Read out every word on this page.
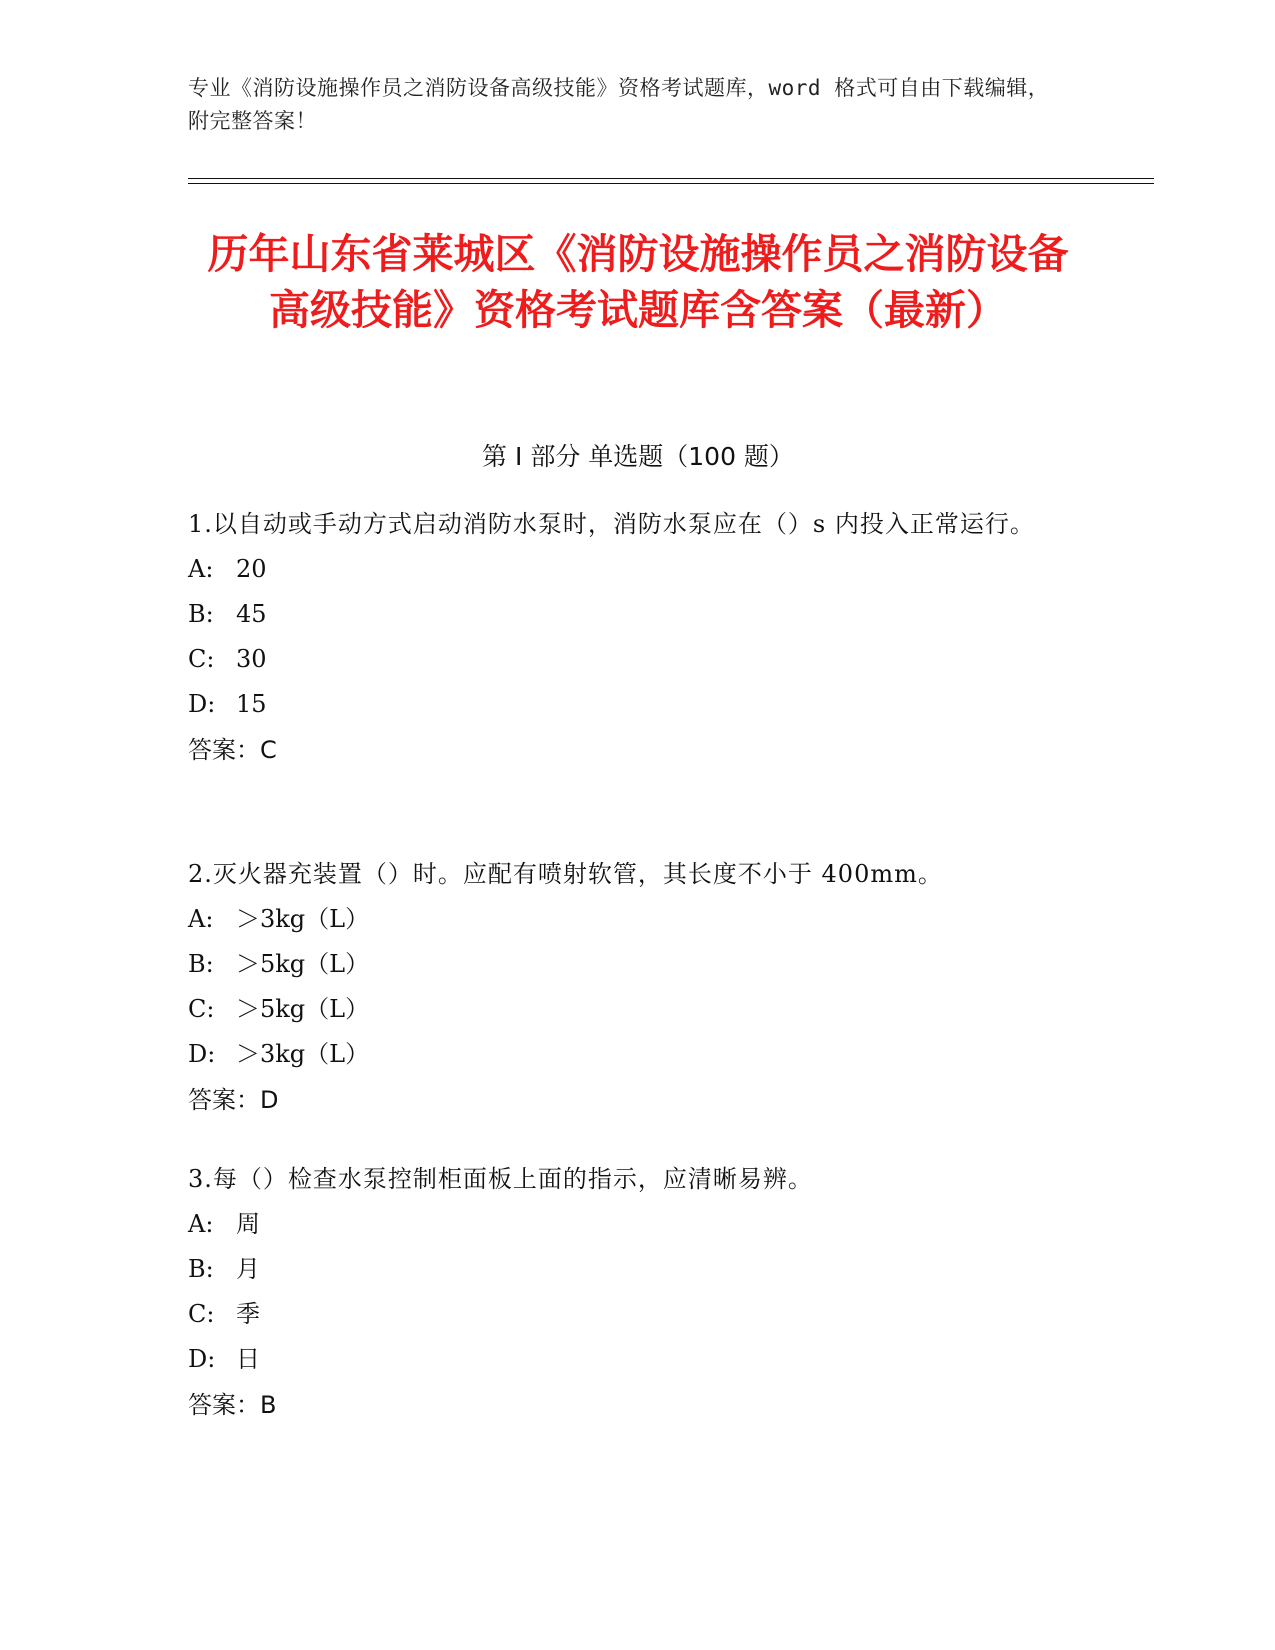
专业《消防设施操作员之消防设备高级技能》资格考试题库，word 格式可自由下载编辑，附完整答案！
历年山东省莱城区《消防设施操作员之消防设备高级技能》资格考试题库含答案（最新）
第 I 部分 单选题（100 题）
1.以自动或手动方式启动消防水泵时，消防水泵应在（）s 内投入正常运行。
A: 20
B: 45
C: 30
D: 15
答案：C
2.灭火器充装置（）时。应配有喷射软管，其长度不小于 400mm。
A: ＞3kg（L）
B: ＞5kg（L）
C: ＞5kg（L）
D: ＞3kg（L）
答案：D
3.每（）检查水泵控制柜面板上面的指示，应清晰易辨。
A: 周
B: 月
C: 季
D: 日
答案：B
